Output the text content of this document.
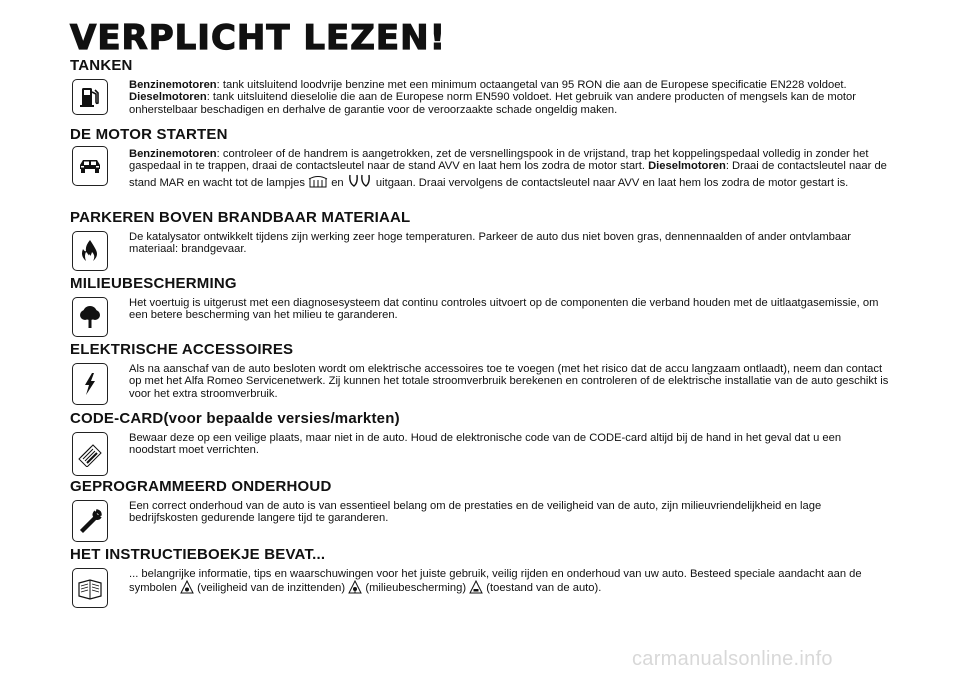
VERPLICHT LEZEN!
TANKEN

Benzinemotoren: tank uitsluitend loodvrije benzine met een minimum octaangetal van 95 RON die aan de Europese specificatie EN228 voldoet. Dieselmotoren: tank uitsluitend dieselolie die aan de Europese norm EN590 voldoet. Het gebruik van andere producten of mengsels kan de motor onherstelbaar beschadigen en derhalve de garantie voor de veroorzaakte schade ongeldig maken.

DE MOTOR STARTEN

Benzinemotoren: controleer of de handrem is aangetrokken, zet de versnellingspook in de vrijstand, trap het koppelingspedaal volledig in zonder het gaspedaal in te trappen, draai de contactsleutel naar de stand AVV en laat hem los zodra de motor start. Dieselmotoren: Draai de contactsleutel naar de stand MAR en wacht tot de lampjes  en  uitgaan. Draai vervolgens de contactsleutel naar AVV en laat hem los zodra de motor gestart is.

PARKEREN BOVEN BRANDBAAR MATERIAAL

De katalysator ontwikkelt tijdens zijn werking zeer hoge temperaturen. Parkeer de auto dus niet boven gras, dennennaalden of ander ontvlambaar materiaal: brandgevaar.

MILIEUBESCHERMING

Het voertuig is uitgerust met een diagnosesysteem dat continu controles uitvoert op de componenten die verband houden met de uitlaatgasemissie, om een betere bescherming van het milieu te garanderen.

ELEKTRISCHE ACCESSOIRES

Als na aanschaf van de auto besloten wordt om elektrische accessoires toe te voegen (met het risico dat de accu langzaam ontlaadt), neem dan contact op met het Alfa Romeo Servicenetwerk. Zij kunnen het totale stroomverbruik berekenen en controleren of de elektrische installatie van de auto geschikt is voor het extra stroomverbruik.

CODE-CARD(voor bepaalde versies/markten)

Bewaar deze op een veilige plaats, maar niet in de auto. Houd de elektronische code van de CODE-card altijd bij de hand in het geval dat u een noodstart moet verrichten.

GEPROGRAMMEERD ONDERHOUD

Een correct onderhoud van de auto is van essentieel belang om de prestaties en de veiligheid van de auto, zijn milieuvriendelijkheid en lage bedrijfskosten gedurende langere tijd te garanderen.

HET INSTRUCTIEBOEKJE BEVAT...

... belangrijke informatie, tips en waarschuwingen voor het juiste gebruik, veilig rijden en onderhoud van uw auto. Besteed speciale aandacht aan de symbolen  (veiligheid van de inzittenden)  (milieubescherming)  (toestand van de auto).

carmanualsonline.info
